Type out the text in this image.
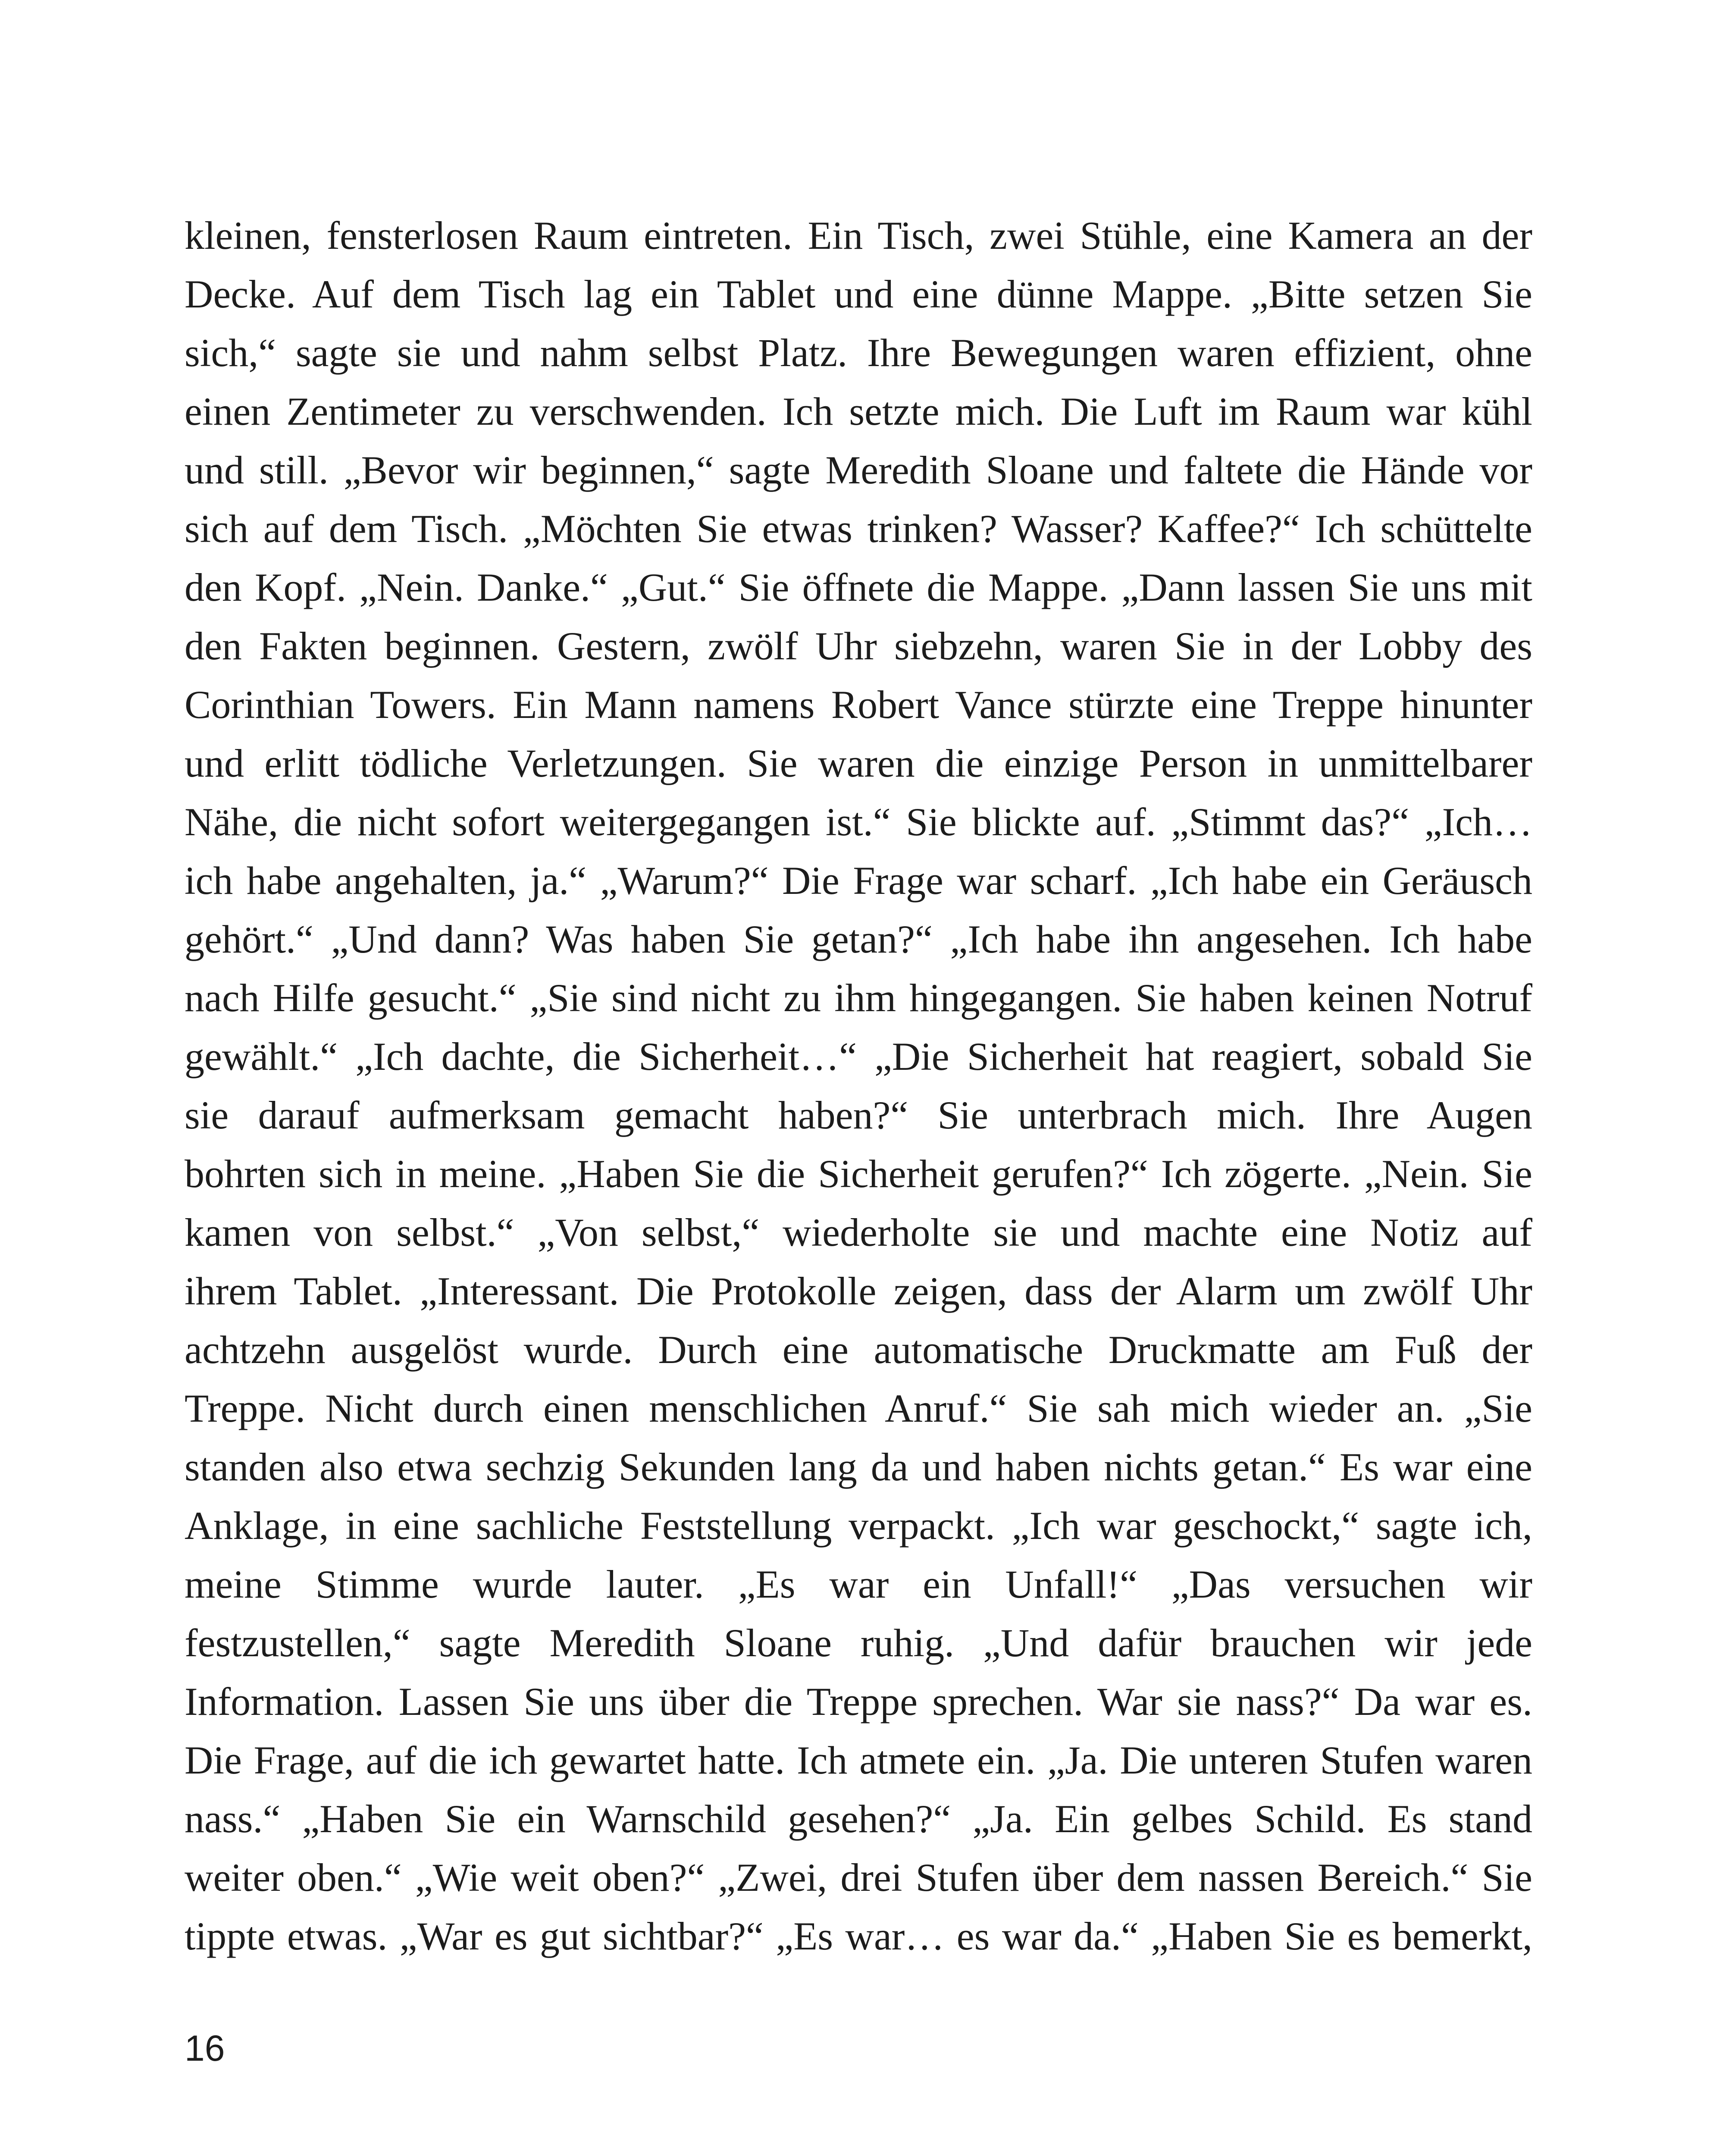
kleinen, fensterlosen Raum eintreten. Ein Tisch, zwei Stühle, eine Kamera an der
Decke. Auf dem Tisch lag ein Tablet und eine dünne Mappe. „Bitte setzen Sie
sich,“ sagte sie und nahm selbst Platz. Ihre Bewegungen waren effizient, ohne
einen Zentimeter zu verschwenden. Ich setzte mich. Die Luft im Raum war kühl
und still. „Bevor wir beginnen,“ sagte Meredith Sloane und faltete die Hände vor
sich auf dem Tisch. „Möchten Sie etwas trinken? Wasser? Kaffee?“ Ich schüttelte
den Kopf. „Nein. Danke.“ „Gut.“ Sie öffnete die Mappe. „Dann lassen Sie uns mit
den Fakten beginnen. Gestern, zwölf Uhr siebzehn, waren Sie in der Lobby des
Corinthian Towers. Ein Mann namens Robert Vance stürzte eine Treppe hinunter
und erlitt tödliche Verletzungen. Sie waren die einzige Person in unmittelbarer
Nähe, die nicht sofort weitergegangen ist.“ Sie blickte auf. „Stimmt das?“ „Ich…
ich habe angehalten, ja.“ „Warum?“ Die Frage war scharf. „Ich habe ein Geräusch
gehört.“ „Und dann? Was haben Sie getan?“ „Ich habe ihn angesehen. Ich habe
nach Hilfe gesucht.“ „Sie sind nicht zu ihm hingegangen. Sie haben keinen Notruf
gewählt.“ „Ich dachte, die Sicherheit…“ „Die Sicherheit hat reagiert, sobald Sie
sie darauf aufmerksam gemacht haben?“ Sie unterbrach mich. Ihre Augen
bohrten sich in meine. „Haben Sie die Sicherheit gerufen?“ Ich zögerte. „Nein. Sie
kamen von selbst.“ „Von selbst,“ wiederholte sie und machte eine Notiz auf
ihrem Tablet. „Interessant. Die Protokolle zeigen, dass der Alarm um zwölf Uhr
achtzehn ausgelöst wurde. Durch eine automatische Druckmatte am Fuß der
Treppe. Nicht durch einen menschlichen Anruf.“ Sie sah mich wieder an. „Sie
standen also etwa sechzig Sekunden lang da und haben nichts getan.“ Es war eine
Anklage, in eine sachliche Feststellung verpackt. „Ich war geschockt,“ sagte ich,
meine Stimme wurde lauter. „Es war ein Unfall!“ „Das versuchen wir
festzustellen,“ sagte Meredith Sloane ruhig. „Und dafür brauchen wir jede
Information. Lassen Sie uns über die Treppe sprechen. War sie nass?“ Da war es.
Die Frage, auf die ich gewartet hatte. Ich atmete ein. „Ja. Die unteren Stufen waren
nass.“ „Haben Sie ein Warnschild gesehen?“ „Ja. Ein gelbes Schild. Es stand
weiter oben.“ „Wie weit oben?“ „Zwei, drei Stufen über dem nassen Bereich.“ Sie
tippte etwas. „War es gut sichtbar?“ „Es war… es war da.“ „Haben Sie es bemerkt,
16
